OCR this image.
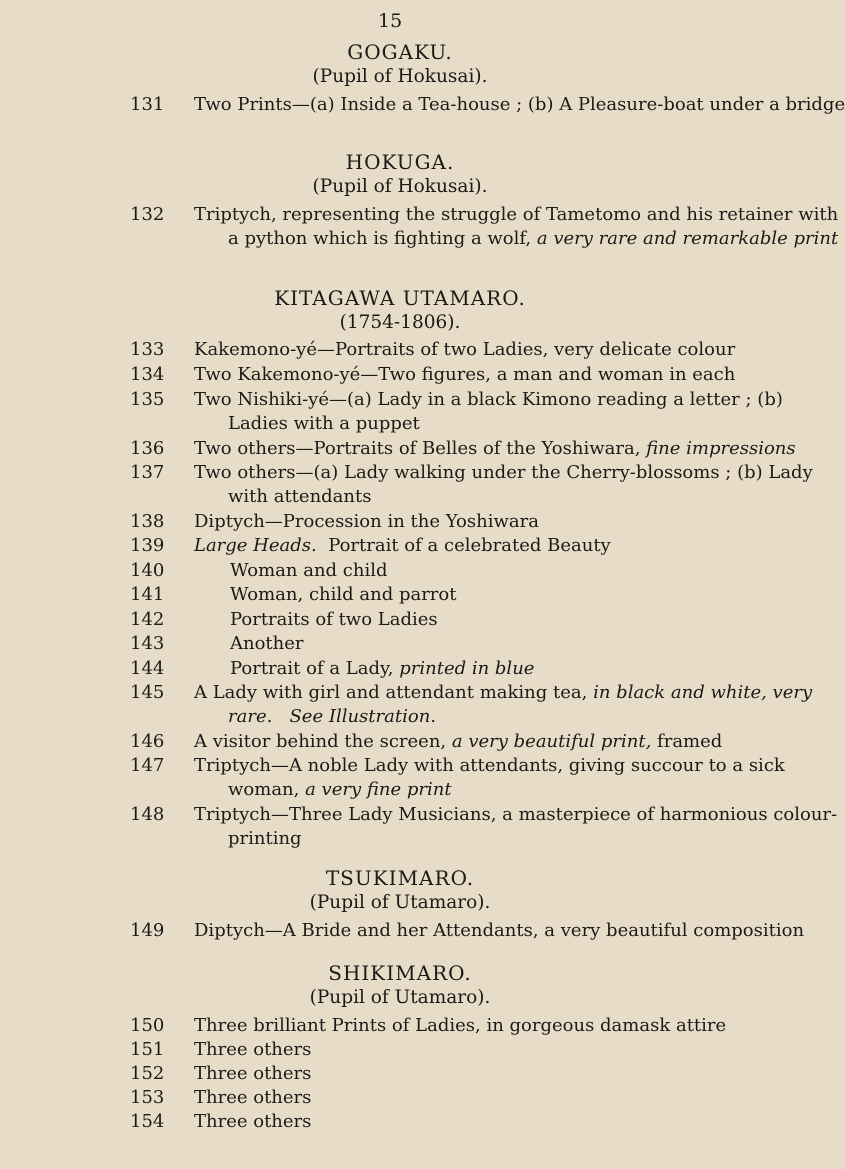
15
GOGAKU.
(Pupil of Hokusai).
131	Two Prints—(a) Inside a Tea-house ; (b) A Pleasure-boat under a bridge
HOKUGA.
(Pupil of Hokusai).
132	Triptych, representing the struggle of Tametomo and his retainer with
a python which is fighting a wolf, a very rare and remarkable print
KITAGAWA UTAMARO.
(1754-1806).
133	Kakemono-yé—Portraits of two Ladies, very delicate colour
134	Two Kakemono-yé—Two figures, a man and woman in each
135	Two Nishiki-yé—(a) Lady in a black Kimono reading a letter ; (b)
Ladies with a puppet
136	Two others—Portraits of Belles of the Yoshiwara, fine impressions
137	Two others—(a) Lady walking under the Cherry-blossoms ; (b) Lady
with attendants
138	Diptych—Procession in the Yoshiwara
139	Large Heads. Portrait of a celebrated Beauty
140	Woman and child
141	Woman, child and parrot
142	Portraits of two Ladies
143	Another
144	Portrait of a Lady, printed in blue
145	A Lady with girl and attendant making tea, in black and white, very
rare.   See Illustration.
146	A visitor behind the screen, a very beautiful print, framed
147	Triptych—A noble Lady with attendants, giving succour to a sick
woman, a very fine print
148	Triptych—Three Lady Musicians, a masterpiece of harmonious colour-
printing
TSUKIMARO.
(Pupil of Utamaro).
149	Diptych—A Bride and her Attendants, a very beautiful composition
SHIKIMARO.
(Pupil of Utamaro).
150	Three brilliant Prints of Ladies, in gorgeous damask attire
151	Three others
152	Three others
153	Three others
154	Three others
